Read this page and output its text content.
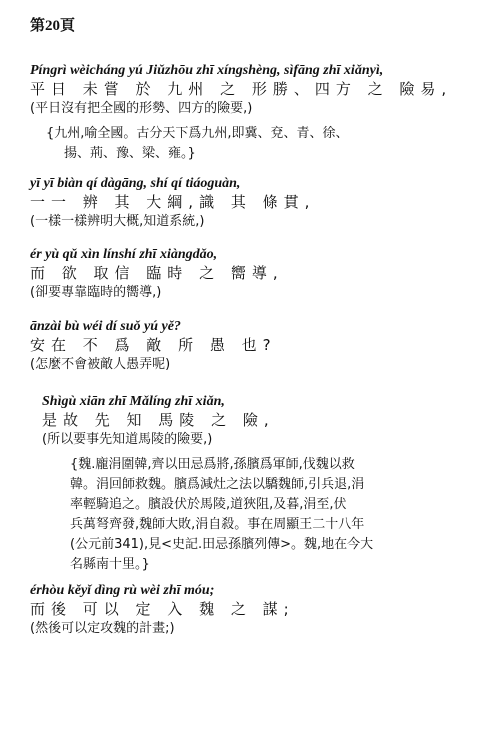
第20頁
Píngrì wèicháng yú Jiǔzhōu zhī xíngshèng, sìfāng zhī xiǎnyì,
平日 未嘗 於 九州 之 形勝、四方 之 險易,
(平日沒有把全國的形勢、四方的險要,)
{九州,喻全國。古分天下爲九州,即冀、兗、青、徐、
揚、荊、豫、梁、雍。}
yī yī biàn qí dàgāng, shí qí tiáoguàn,
一一 辨 其 大綱,識 其 條貫,
(一樣一樣辨明大概,知道系統,)
ér yù qǔ xìn línshí zhī xiàngdǎo,
而 欲 取信 臨時 之 嚮導,
(卻要專靠臨時的嚮導,)
ānzài bù wéi dí suǒ yú yě?
安在 不 爲 敵 所 愚 也?
(怎麼不會被敵人愚弄呢)
Shìgù xiān zhī Mǎlíng zhī xiǎn,
是故 先 知 馬陵 之 險,
(所以要事先知道馬陵的險要,)
{魏.龐涓圍韓,齊以田忌爲將,孫臏爲軍師,伐魏以救
韓。涓回師救魏。臏爲減灶之法以驕魏師,引兵退,涓
率輕騎追之。臏設伏於馬陵,道狹阻,及暮,涓至,伏
兵萬弩齊發,魏師大敗,涓自殺。事在周顯王二十八年
(公元前341),見<史記.田忌孫臏列傳>。魏,地在今大
名縣南十里。}
érhòu kěyǐ dìng rù wèi zhī móu;
而後 可以 定 入 魏 之 謀;
(然後可以定攻魏的計畫;)
